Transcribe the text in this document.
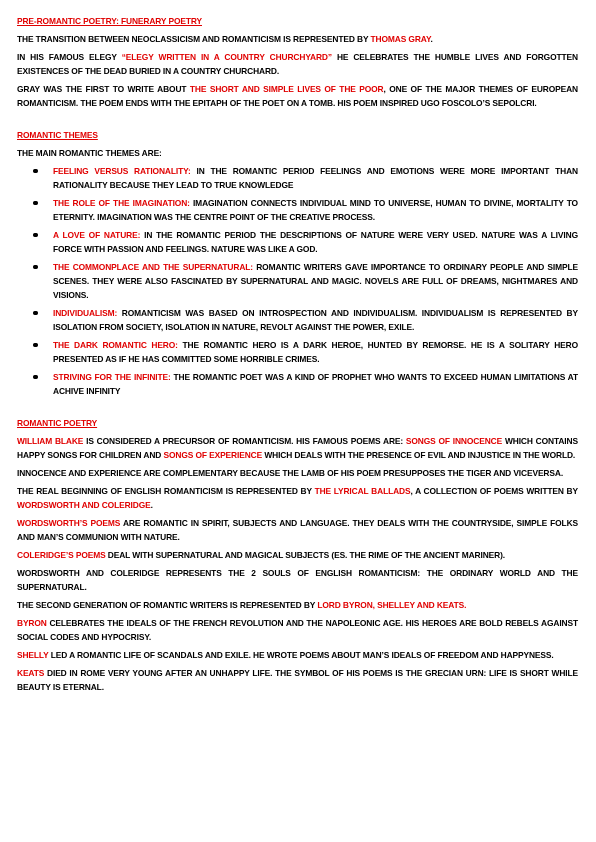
PRE-ROMANTIC POETRY: FUNERARY POETRY

THE TRANSITION BETWEEN NEOCLASSICISM AND ROMANTICISM IS REPRESENTED BY THOMAS GRAY.

IN HIS FAMOUS ELEGY “ELEGY WRITTEN IN A COUNTRY CHURCHYARD” HE CELEBRATES THE HUMBLE LIVES AND FORGOTTEN EXISTENCES OF THE DEAD BURIED IN A COUNTRY CHURCHARD.

GRAY WAS THE FIRST TO WRITE ABOUT THE SHORT AND SIMPLE LIVES OF THE POOR, ONE OF THE MAJOR THEMES OF EUROPEAN ROMANTICISM. THE POEM ENDS WITH THE EPITAPH OF THE POET ON A TOMB. HIS POEM INSPIRED UGO FOSCOLO’S SEPOLCRI.

ROMANTIC THEMES

THE MAIN ROMANTIC THEMES ARE:

FEELING VERSUS RATIONALITY: IN THE ROMANTIC PERIOD FEELINGS AND EMOTIONS WERE MORE IMPORTANT THAN RATIONALITY BECAUSE THEY LEAD TO TRUE KNOWLEDGE
THE ROLE OF THE IMAGINATION: IMAGINATION CONNECTS INDIVIDUAL MIND TO UNIVERSE, HUMAN TO DIVINE, MORTALITY TO ETERNITY. IMAGINATION WAS THE CENTRE POINT OF THE CREATIVE PROCESS.
A LOVE OF NATURE: IN THE ROMANTIC PERIOD THE DESCRIPTIONS OF NATURE WERE VERY USED. NATURE WAS A LIVING FORCE WITH PASSION AND FEELINGS. NATURE WAS LIKE A GOD.
THE COMMONPLACE AND THE SUPERNATURAL: ROMANTIC WRITERS GAVE IMPORTANCE TO ORDINARY PEOPLE AND SIMPLE SCENES. THEY WERE ALSO FASCINATED BY SUPERNATURAL AND MAGIC. NOVELS ARE FULL OF DREAMS, NIGHTMARES AND VISIONS.
INDIVIDUALISM: ROMANTICISM WAS BASED ON INTROSPECTION AND INDIVIDUALISM. INDIVIDUALISM IS REPRESENTED BY ISOLATION FROM SOCIETY, ISOLATION IN NATURE, REVOLT AGAINST THE POWER, EXILE.
THE DARK ROMANTIC HERO: THE ROMANTIC HERO IS A DARK HEROE, HUNTED BY REMORSE. HE IS A SOLITARY HERO PRESENTED AS IF HE HAS COMMITTED SOME HORRIBLE CRIMES.
STRIVING FOR THE INFINITE: THE ROMANTIC POET WAS A KIND OF PROPHET WHO WANTS TO EXCEED HUMAN LIMITATIONS AT ACHIVE INFINITY
ROMANTIC POETRY

WILLIAM BLAKE IS CONSIDERED A PRECURSOR OF ROMANTICISM. HIS FAMOUS POEMS ARE: SONGS OF INNOCENCE WHICH CONTAINS HAPPY SONGS FOR CHILDREN AND SONGS OF EXPERIENCE WHICH DEALS WITH THE PRESENCE OF EVIL AND INJUSTICE IN THE WORLD.

INNOCENCE AND EXPERIENCE ARE COMPLEMENTARY BECAUSE THE LAMB OF HIS POEM PRESUPPOSES THE TIGER AND VICEVERSA.

THE REAL BEGINNING OF ENGLISH ROMANTICISM IS REPRESENTED BY THE LYRICAL BALLADS, A COLLECTION OF POEMS WRITTEN BY WORDSWORTH AND COLERIDGE.

WORDSWORTH’S POEMS ARE ROMANTIC IN SPIRIT, SUBJECTS AND LANGUAGE. THEY DEALS WITH THE COUNTRYSIDE, SIMPLE FOLKS AND MAN’S COMMUNION WITH NATURE.

COLERIDGE’S POEMS DEAL WITH SUPERNATURAL AND MAGICAL SUBJECTS (ES. THE RIME OF THE ANCIENT MARINER).

WORDSWORTH AND COLERIDGE REPRESENTS THE 2 SOULS OF ENGLISH ROMANTICISM: THE ORDINARY WORLD AND THE SUPERNATURAL.

THE SECOND GENERATION OF ROMANTIC WRITERS IS REPRESENTED BY LORD BYRON, SHELLEY AND KEATS.

BYRON CELEBRATES THE IDEALS OF THE FRENCH REVOLUTION AND THE NAPOLEONIC AGE. HIS HEROES ARE BOLD REBELS AGAINST SOCIAL CODES AND HYPOCRISY.

SHELLY LED A ROMANTIC LIFE OF SCANDALS AND EXILE. HE WROTE POEMS ABOUT MAN’S IDEALS OF FREEDOM AND HAPPYNESS.

KEATS DIED IN ROME VERY YOUNG AFTER AN UNHAPPY LIFE. THE SYMBOL OF HIS POEMS IS THE GRECIAN URN: LIFE IS SHORT WHILE BEAUTY IS ETERNAL.
